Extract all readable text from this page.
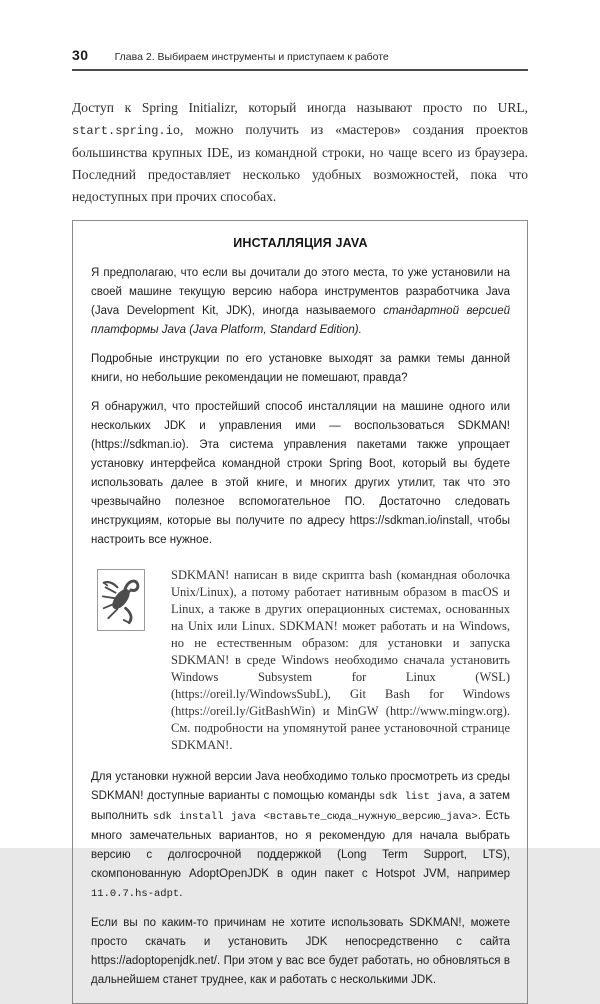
30 Глава 2. Выбираем инструменты и приступаем к работе

Доступ к Spring Initializr, который иногда называют просто по URL, start.spring.io, можно получить из «мастеров» создания проектов большинства крупных IDE, из командной строки, но чаще всего из браузера. Последний предоставляет несколько удобных возможностей, пока что недоступных при прочих способах.

ИНСТАЛЛЯЦИЯ JAVA

Я предполагаю, что если вы дочитали до этого места, то уже установили на своей машине текущую версию набора инструментов разработчика Java (Java Development Kit, JDK), иногда называемого стандартной версией платформы Java (Java Platform, Standard Edition).

Подробные инструкции по его установке выходят за рамки темы данной книги, но небольшие рекомендации не помешают, правда?

Я обнаружил, что простейший способ инсталляции на машине одного или нескольких JDK и управления ими — воспользоваться SDKMAN! (https://sdkman.io). Эта система управления пакетами также упрощает установку интерфейса командной строки Spring Boot, который вы будете использовать далее в этой книге, и многих других утилит, так что это чрезвычайно полезное вспомогательное ПО. Достаточно следовать инструкциям, которые вы получите по адресу https://sdkman.io/install, чтобы настроить все нужное.

SDKMAN! написан в виде скрипта bash (командная оболочка Unix/Linux), а потому работает нативным образом в macOS и Linux, а также в других операционных системах, основанных на Unix или Linux. SDKMAN! может работать и на Windows, но не естественным образом: для установки и запуска SDKMAN! в среде Windows необходимо сначала установить Windows Subsystem for Linux (WSL) (https://oreil.ly/WindowsSubL), Git Bash for Windows (https://oreil.ly/GitBashWin) и MinGW (http://www.mingw.org). См. подробности на упомянутой ранее установочной странице SDKMAN!.

Для установки нужной версии Java необходимо только просмотреть из среды SDKMAN! доступные варианты с помощью команды sdk list java, а затем выполнить sdk install java <вставьте_сюда_нужную_версию_java>. Есть много замечательных вариантов, но я рекомендую для начала выбрать версию с долгосрочной поддержкой (Long Term Support, LTS), скомпонованную AdoptOpenJDK в один пакет с Hotspot JVM, например 11.0.7.hs-adpt.

Если вы по каким-то причинам не хотите использовать SDKMAN!, можете просто скачать и установить JDK непосредственно с сайта https://adoptopenjdk.net/. При этом у вас все будет работать, но обновляться в дальнейшем станет труднее, как и работать с несколькими JDK.
